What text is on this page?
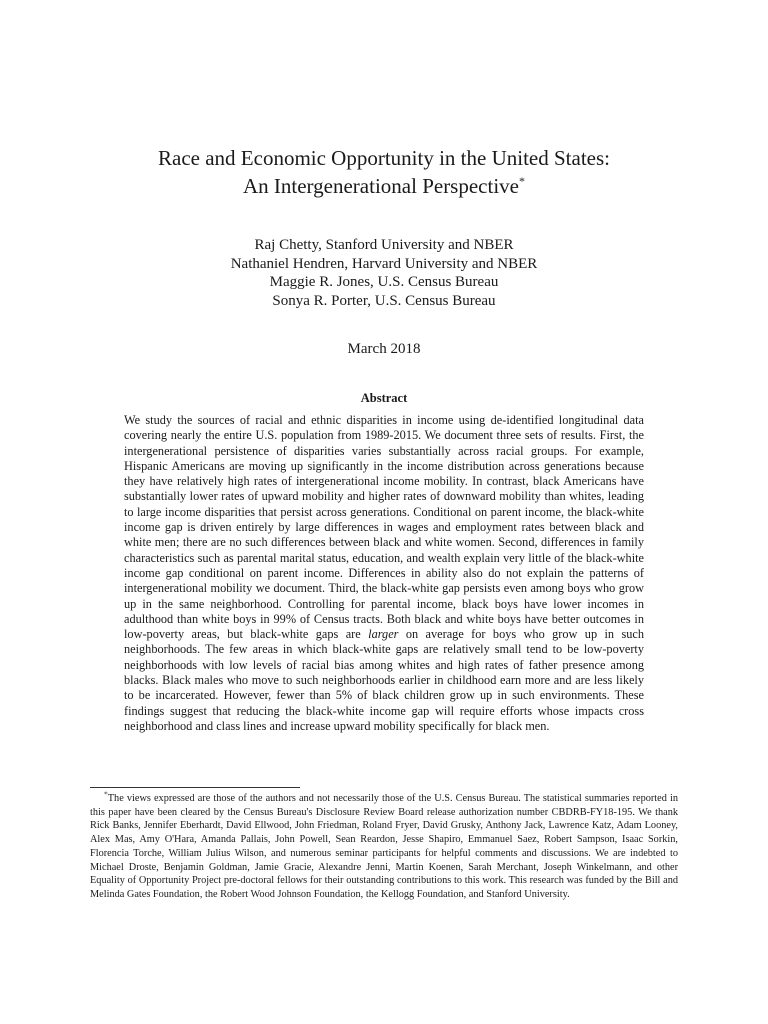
Race and Economic Opportunity in the United States:
An Intergenerational Perspective*
Raj Chetty, Stanford University and NBER
Nathaniel Hendren, Harvard University and NBER
Maggie R. Jones, U.S. Census Bureau
Sonya R. Porter, U.S. Census Bureau
March 2018
Abstract
We study the sources of racial and ethnic disparities in income using de-identified longitudinal data covering nearly the entire U.S. population from 1989-2015. We document three sets of results. First, the intergenerational persistence of disparities varies substantially across racial groups. For example, Hispanic Americans are moving up significantly in the income distribution across generations because they have relatively high rates of intergenerational income mobility. In contrast, black Americans have substantially lower rates of upward mobility and higher rates of downward mobility than whites, leading to large income disparities that persist across generations. Conditional on parent income, the black-white income gap is driven entirely by large differences in wages and employment rates between black and white men; there are no such differences between black and white women. Second, differences in family characteristics such as parental marital status, education, and wealth explain very little of the black-white income gap conditional on parent income. Differences in ability also do not explain the patterns of intergenerational mobility we document. Third, the black-white gap persists even among boys who grow up in the same neighborhood. Controlling for parental income, black boys have lower incomes in adulthood than white boys in 99% of Census tracts. Both black and white boys have better outcomes in low-poverty areas, but black-white gaps are larger on average for boys who grow up in such neighborhoods. The few areas in which black-white gaps are relatively small tend to be low-poverty neighborhoods with low levels of racial bias among whites and high rates of father presence among blacks. Black males who move to such neighborhoods earlier in childhood earn more and are less likely to be incarcerated. However, fewer than 5% of black children grow up in such environments. These findings suggest that reducing the black-white income gap will require efforts whose impacts cross neighborhood and class lines and increase upward mobility specifically for black men.
*The views expressed are those of the authors and not necessarily those of the U.S. Census Bureau. The statistical summaries reported in this paper have been cleared by the Census Bureau's Disclosure Review Board release authorization number CBDRB-FY18-195. We thank Rick Banks, Jennifer Eberhardt, David Ellwood, John Friedman, Roland Fryer, David Grusky, Anthony Jack, Lawrence Katz, Adam Looney, Alex Mas, Amy O'Hara, Amanda Pallais, John Powell, Sean Reardon, Jesse Shapiro, Emmanuel Saez, Robert Sampson, Isaac Sorkin, Florencia Torche, William Julius Wilson, and numerous seminar participants for helpful comments and discussions. We are indebted to Michael Droste, Benjamin Goldman, Jamie Gracie, Alexandre Jenni, Martin Koenen, Sarah Merchant, Joseph Winkelmann, and other Equality of Opportunity Project pre-doctoral fellows for their outstanding contributions to this work. This research was funded by the Bill and Melinda Gates Foundation, the Robert Wood Johnson Foundation, the Kellogg Foundation, and Stanford University.
